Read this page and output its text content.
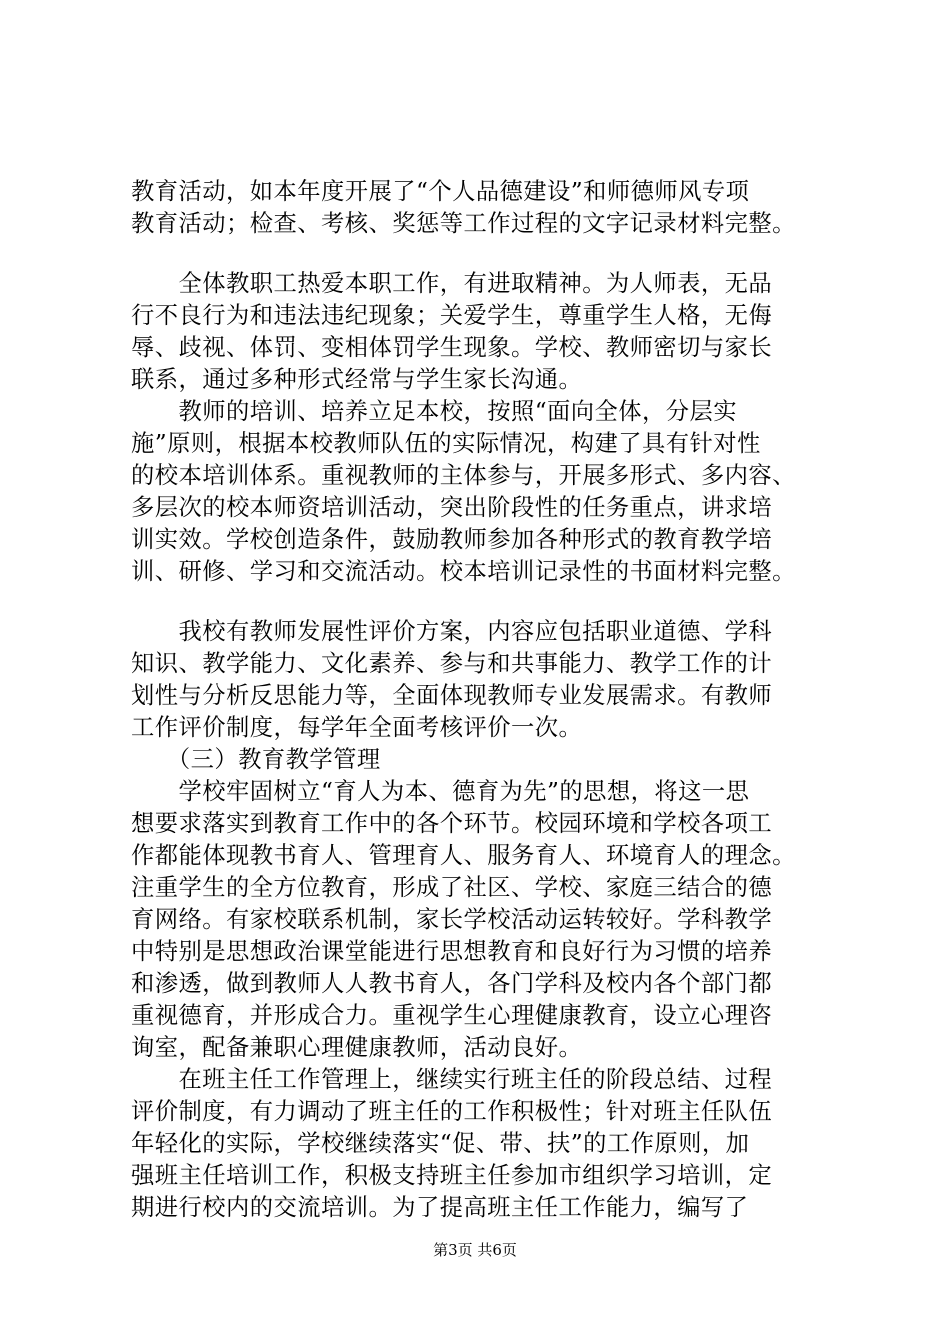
教育活动，如本年度开展了“个人品德建设”和师德师风专项
教育活动；检查、考核、奖惩等工作过程的文字记录材料完整。
　　全体教职工热爱本职工作，有进取精神。为人师表，无品
行不良行为和违法违纪现象；关爱学生，尊重学生人格，无侮
辱、歧视、体罚、变相体罚学生现象。学校、教师密切与家长
联系，通过多种形式经常与学生家长沟通。
　　教师的培训、培养立足本校，按照“面向全体，分层实
施”原则，根据本校教师队伍的实际情况，构建了具有针对性
的校本培训体系。重视教师的主体参与，开展多形式、多内容、
多层次的校本师资培训活动，突出阶段性的任务重点，讲求培
训实效。学校创造条件，鼓励教师参加各种形式的教育教学培
训、研修、学习和交流活动。校本培训记录性的书面材料完整。
　　我校有教师发展性评价方案，内容应包括职业道德、学科
知识、教学能力、文化素养、参与和共事能力、教学工作的计
划性与分析反思能力等，全面体现教师专业发展需求。有教师
工作评价制度，每学年全面考核评价一次。
　　（三）教育教学管理
　　学校牢固树立“育人为本、德育为先”的思想，将这一思
想要求落实到教育工作中的各个环节。校园环境和学校各项工
作都能体现教书育人、管理育人、服务育人、环境育人的理念。
注重学生的全方位教育，形成了社区、学校、家庭三结合的德
育网络。有家校联系机制，家长学校活动运转较好。学科教学
中特别是思想政治课堂能进行思想教育和良好行为习惯的培养
和渗透，做到教师人人教书育人，各门学科及校内各个部门都
重视德育，并形成合力。重视学生心理健康教育，设立心理咨
询室，配备兼职心理健康教师，活动良好。
　　在班主任工作管理上，继续实行班主任的阶段总结、过程
评价制度，有力调动了班主任的工作积极性；针对班主任队伍
年轻化的实际，学校继续落实“促、带、扶”的工作原则，加
强班主任培训工作，积极支持班主任参加市组织学习培训，定
期进行校内的交流培训。为了提高班主任工作能力，编写了
第3页 共6页
